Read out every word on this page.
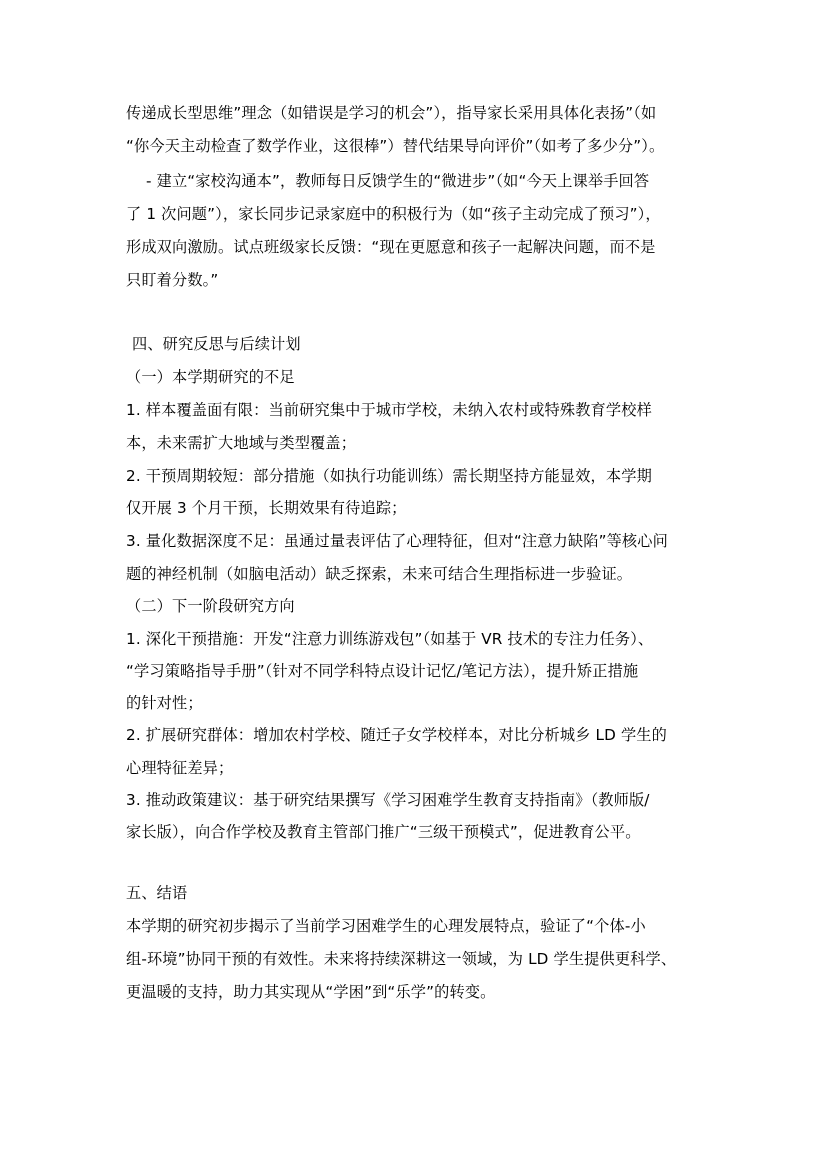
传递成长型思维”理念（如错误是学习的机会”），指导家长采用具体化表扬”（如
“你今天主动检查了数学作业，这很棒”）替代结果导向评价”（如考了多少分”）。
- 建立“家校沟通本”，教师每日反馈学生的“微进步”（如“今天上课举手回答
了 1 次问题”），家长同步记录家庭中的积极行为（如“孩子主动完成了预习”），
形成双向激励。试点班级家长反馈：“现在更愿意和孩子一起解决问题，而不是
只盯着分数。”
四、研究反思与后续计划
（一）本学期研究的不足
1. 样本覆盖面有限：当前研究集中于城市学校，未纳入农村或特殊教育学校样
本，未来需扩大地域与类型覆盖；
2. 干预周期较短：部分措施（如执行功能训练）需长期坚持方能显效，本学期
仅开展 3 个月干预，长期效果有待追踪；
3. 量化数据深度不足：虽通过量表评估了心理特征，但对“注意力缺陷”等核心问
题的神经机制（如脑电活动）缺乏探索，未来可结合生理指标进一步验证。
（二）下一阶段研究方向
1. 深化干预措施：开发“注意力训练游戏包”（如基于 VR 技术的专注力任务）、
“学习策略指导手册”（针对不同学科特点设计记忆/笔记方法），提升矫正措施
的针对性；
2. 扩展研究群体：增加农村学校、随迁子女学校样本，对比分析城乡 LD 学生的
心理特征差异；
3. 推动政策建议：基于研究结果撰写《学习困难学生教育支持指南》（教师版/
家长版），向合作学校及教育主管部门推广“三级干预模式”，促进教育公平。
五、结语
本学期的研究初步揭示了当前学习困难学生的心理发展特点，验证了“个体-小
组-环境”协同干预的有效性。未来将持续深耕这一领域，为 LD 学生提供更科学、
更温暖的支持，助力其实现从“学困”到“乐学”的转变。
